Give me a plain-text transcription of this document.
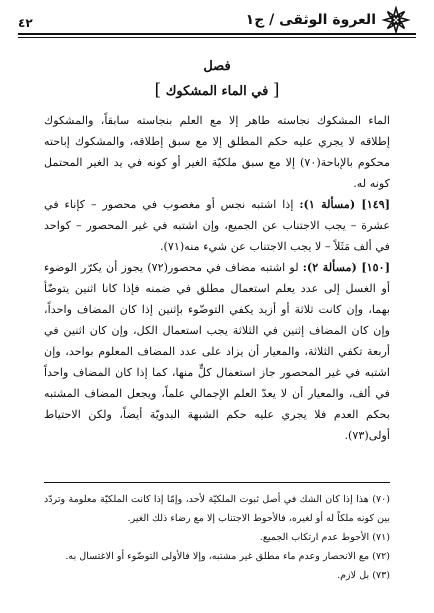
٤٢	العروة الوثقى / ج١
فصل
[ في الماء المشكوك ]

الماء المشكوك نجاسته طاهر إلا مع العلم بنجاسته سابقاً، والمشكوك إطلاقه لا يجري عليه حكم المطلق إلا مع سبق إطلاقه، والمشكوك إباحته محكوم بالإباحة(٧٠) إلا مع سبق ملكيّة الغير أو كونه في يد الغير المحتمل كونه له.

[١٤٩] (مسألة ١): إذا اشتبه نجس أو مغصوب في محصور – كإناء في عشرة – يجب الاجتناب عن الجميع، وإن اشتبه في غير المحصور – كواحد في ألف مَثَلاً – لا يجب الاجتناب عن شيء منه(٧١).

[١٥٠] (مسألة ٢): لو اشتبه مضاف في محصور(٧٢) يجوز أن يكرّر الوضوء أو الغسل إلى عدد يعلم استعمال مطلق في ضمنه فإذا كانا اثنين يتوضّأ بهما، وإن كانت ثلاثة أو أزيد يكفي التوضّوء بإثنين إذا كان المضاف واحداً، وإن كان المضاف إثنين في الثلاثة يجب استعمال الكل، وإن كان اثنين في أربعة تكفي الثلاثة، والمعيار أن يزاد على عدد المضاف المعلوم بواحد، وإن اشتبه في غير المحصور جاز استعمال كلٍّ منها، كما إذا كان المضاف واحداً في ألف، والمعيار أن لا يعدّ العلم الإجمالي علماً، ويجعل المضاف المشتبه بحكم العدم فلا يجري عليه حكم الشبهة البدويّة أيضاً، ولكن الاحتياط أولى(٧٣).

(٧٠) هذا إذا كان الشك في أصل ثبوت الملكيّة لأحد، وإمّا إذا كانت الملكيّة معلومة وتردّد بين كونه ملكاً له أو لغيره، فالأحوط الاجتناب إلا مع رضاء ذلك الغير.

(٧١) الأحوط عدم ارتكاب الجميع.

(٧٢) مع الانحصار وعدم ماء مطلق غير مشتبه، وإلا فالأولى التوضّوء أو الاغتسال به.

(٧٣) بل لازم.
